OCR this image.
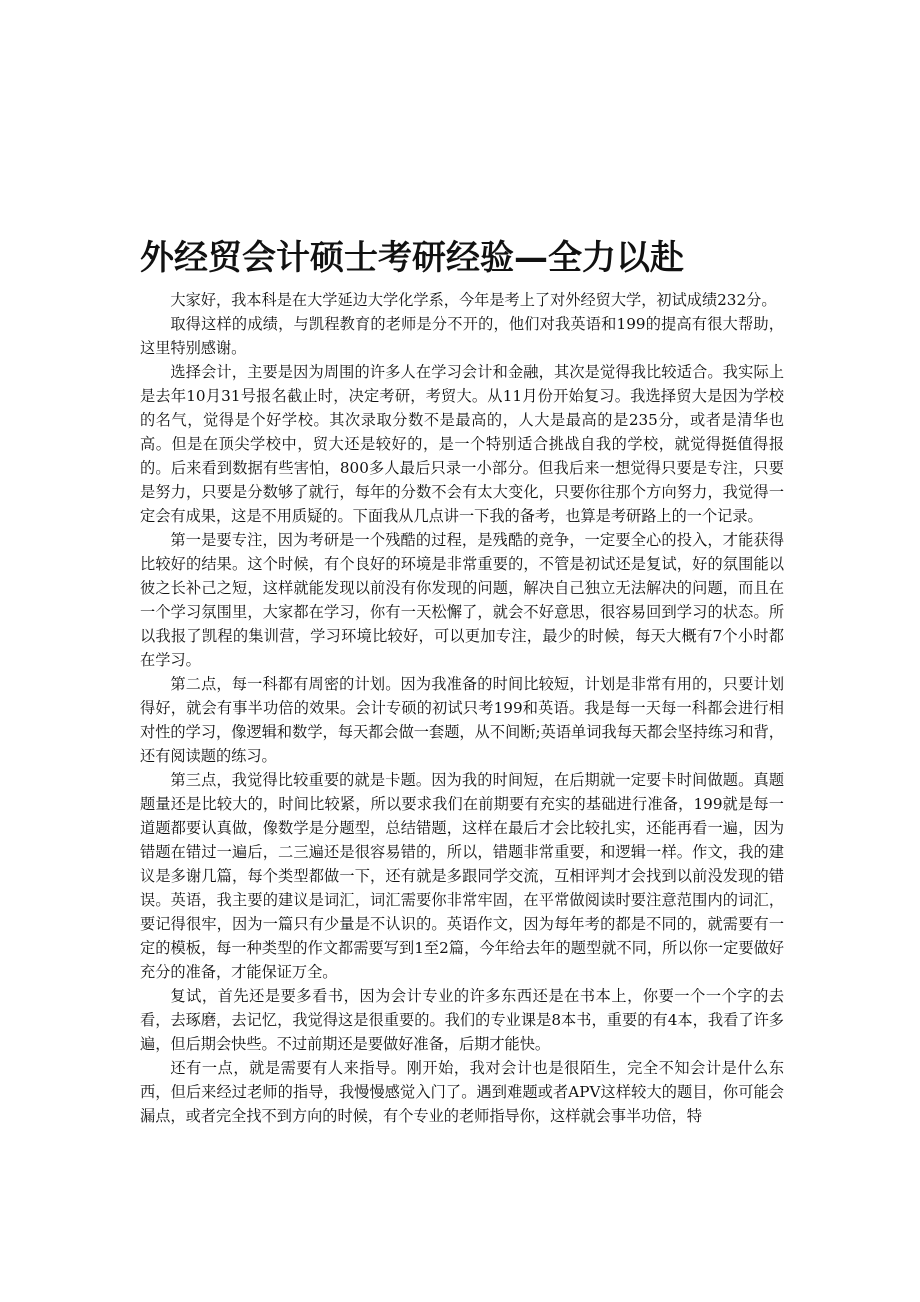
外经贸会计硕士考研经验—全力以赴

大家好，我本科是在大学延边大学化学系，今年是考上了对外经贸大学，初试成绩232分。

取得这样的成绩，与凯程教育的老师是分不开的，他们对我英语和199的提高有很大帮助，这里特别感谢。

选择会计，主要是因为周围的许多人在学习会计和金融，其次是觉得我比较适合。我实际上是去年10月31号报名截止时，决定考研，考贸大。从11月份开始复习。我选择贸大是因为学校的名气，觉得是个好学校。其次录取分数不是最高的，人大是最高的是235分，或者是清华也高。但是在顶尖学校中，贸大还是较好的，是一个特别适合挑战自我的学校，就觉得挺值得报的。后来看到数据有些害怕，800多人最后只录一小部分。但我后来一想觉得只要是专注，只要是努力，只要是分数够了就行，每年的分数不会有太大变化，只要你往那个方向努力，我觉得一定会有成果，这是不用质疑的。下面我从几点讲一下我的备考，也算是考研路上的一个记录。

第一是要专注，因为考研是一个残酷的过程，是残酷的竞争，一定要全心的投入，才能获得比较好的结果。这个时候，有个良好的环境是非常重要的，不管是初试还是复试，好的氛围能以彼之长补己之短，这样就能发现以前没有你发现的问题，解决自己独立无法解决的问题，而且在一个学习氛围里，大家都在学习，你有一天松懈了，就会不好意思，很容易回到学习的状态。所以我报了凯程的集训营，学习环境比较好，可以更加专注，最少的时候，每天大概有7个小时都在学习。

第二点，每一科都有周密的计划。因为我准备的时间比较短，计划是非常有用的，只要计划得好，就会有事半功倍的效果。会计专硕的初试只考199和英语。我是每一天每一科都会进行相对性的学习，像逻辑和数学，每天都会做一套题，从不间断;英语单词我每天都会坚持练习和背，还有阅读题的练习。

第三点，我觉得比较重要的就是卡题。因为我的时间短，在后期就一定要卡时间做题。真题题量还是比较大的，时间比较紧，所以要求我们在前期要有充实的基础进行准备，199就是每一道题都要认真做，像数学是分题型，总结错题，这样在最后才会比较扎实，还能再看一遍，因为错题在错过一遍后，二三遍还是很容易错的，所以，错题非常重要，和逻辑一样。作文，我的建议是多谢几篇，每个类型都做一下，还有就是多跟同学交流，互相评判才会找到以前没发现的错误。英语，我主要的建议是词汇，词汇需要你非常牢固，在平常做阅读时要注意范围内的词汇，要记得很牢，因为一篇只有少量是不认识的。英语作文，因为每年考的都是不同的，就需要有一定的模板，每一种类型的作文都需要写到1至2篇，今年给去年的题型就不同，所以你一定要做好充分的准备，才能保证万全。

复试，首先还是要多看书，因为会计专业的许多东西还是在书本上，你要一个一个字的去看，去琢磨，去记忆，我觉得这是很重要的。我们的专业课是8本书，重要的有4本，我看了许多遍，但后期会快些。不过前期还是要做好准备，后期才能快。

还有一点，就是需要有人来指导。刚开始，我对会计也是很陌生，完全不知会计是什么东西，但后来经过老师的指导，我慢慢感觉入门了。遇到难题或者APV这样较大的题目，你可能会漏点，或者完全找不到方向的时候，有个专业的老师指导你，这样就会事半功倍，特
